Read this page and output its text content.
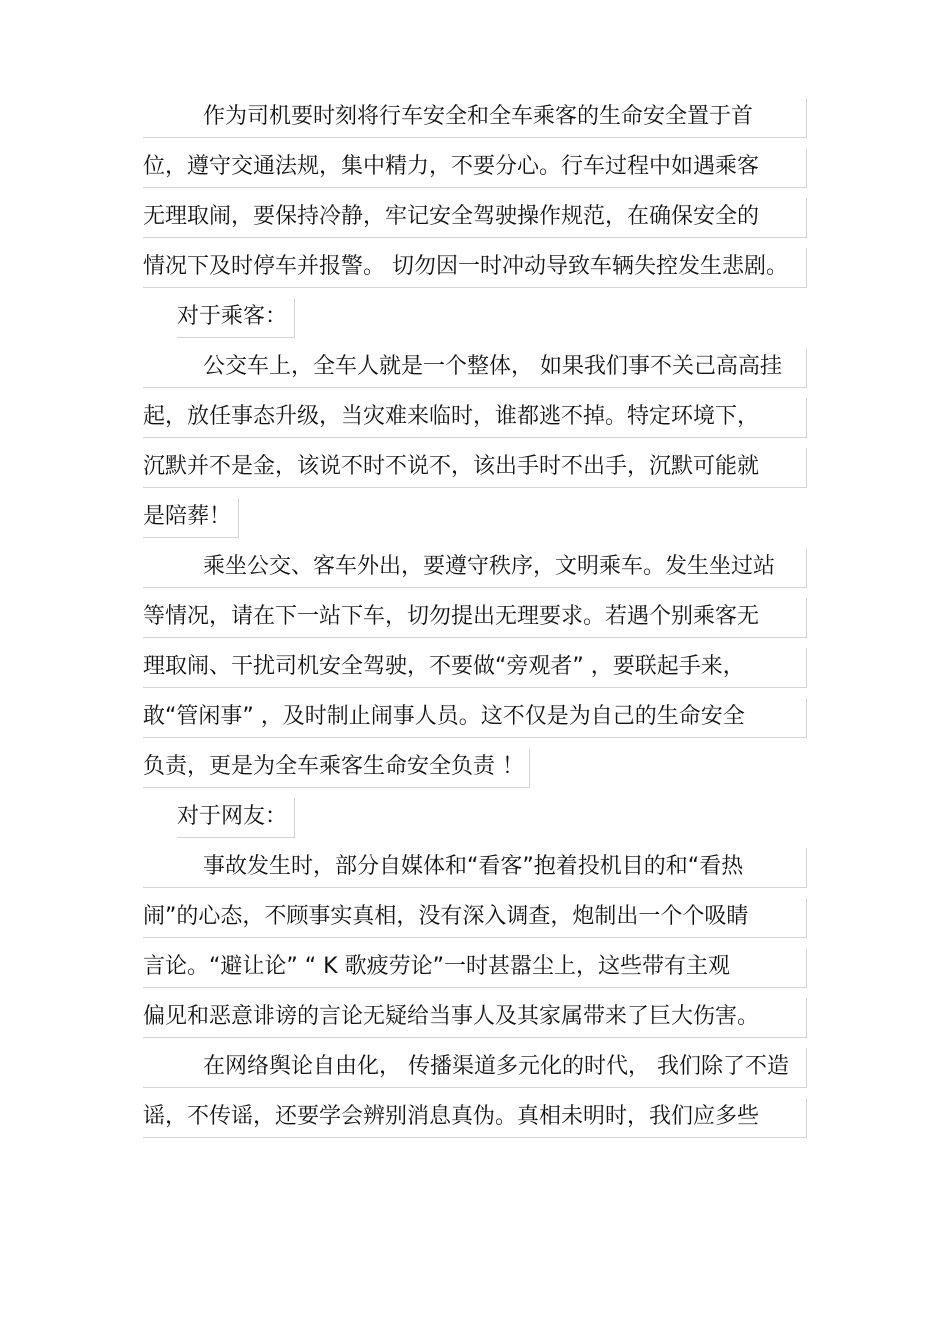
作为司机要时刻将行车安全和全车乘客的生命安全置于首
位，遵守交通法规，集中精力，不要分心。行车过程中如遇乘客
无理取闹，要保持冷静，牢记安全驾驶操作规范，在确保安全的
情况下及时停车并报警。 切勿因一时冲动导致车辆失控发生悲剧。
对于乘客：
公交车上，全车人就是一个整体， 如果我们事不关己高高挂
起，放任事态升级，当灾难来临时，谁都逃不掉。特定环境下，
沉默并不是金，该说不时不说不，该出手时不出手，沉默可能就
是陪葬！
乘坐公交、客车外出，要遵守秩序，文明乘车。发生坐过站
等情况，请在下一站下车，切勿提出无理要求。若遇个别乘客无
理取闹、干扰司机安全驾驶，不要做“旁观者” ，要联起手来，
敢“管闲事” ，及时制止闹事人员。这不仅是为自己的生命安全
负责，更是为全车乘客生命安全负责 ！
对于网友：
事故发生时，部分自媒体和“看客”抱着投机目的和“看热
闹”的心态，不顾事实真相，没有深入调查，炮制出一个个吸睛
言论。“避让论” “ K 歌疲劳论”一时甚嚣尘上，这些带有主观
偏见和恶意诽谤的言论无疑给当事人及其家属带来了巨大伤害。
在网络舆论自由化， 传播渠道多元化的时代， 我们除了不造
谣，不传谣，还要学会辨别消息真伪。真相未明时，我们应多些
